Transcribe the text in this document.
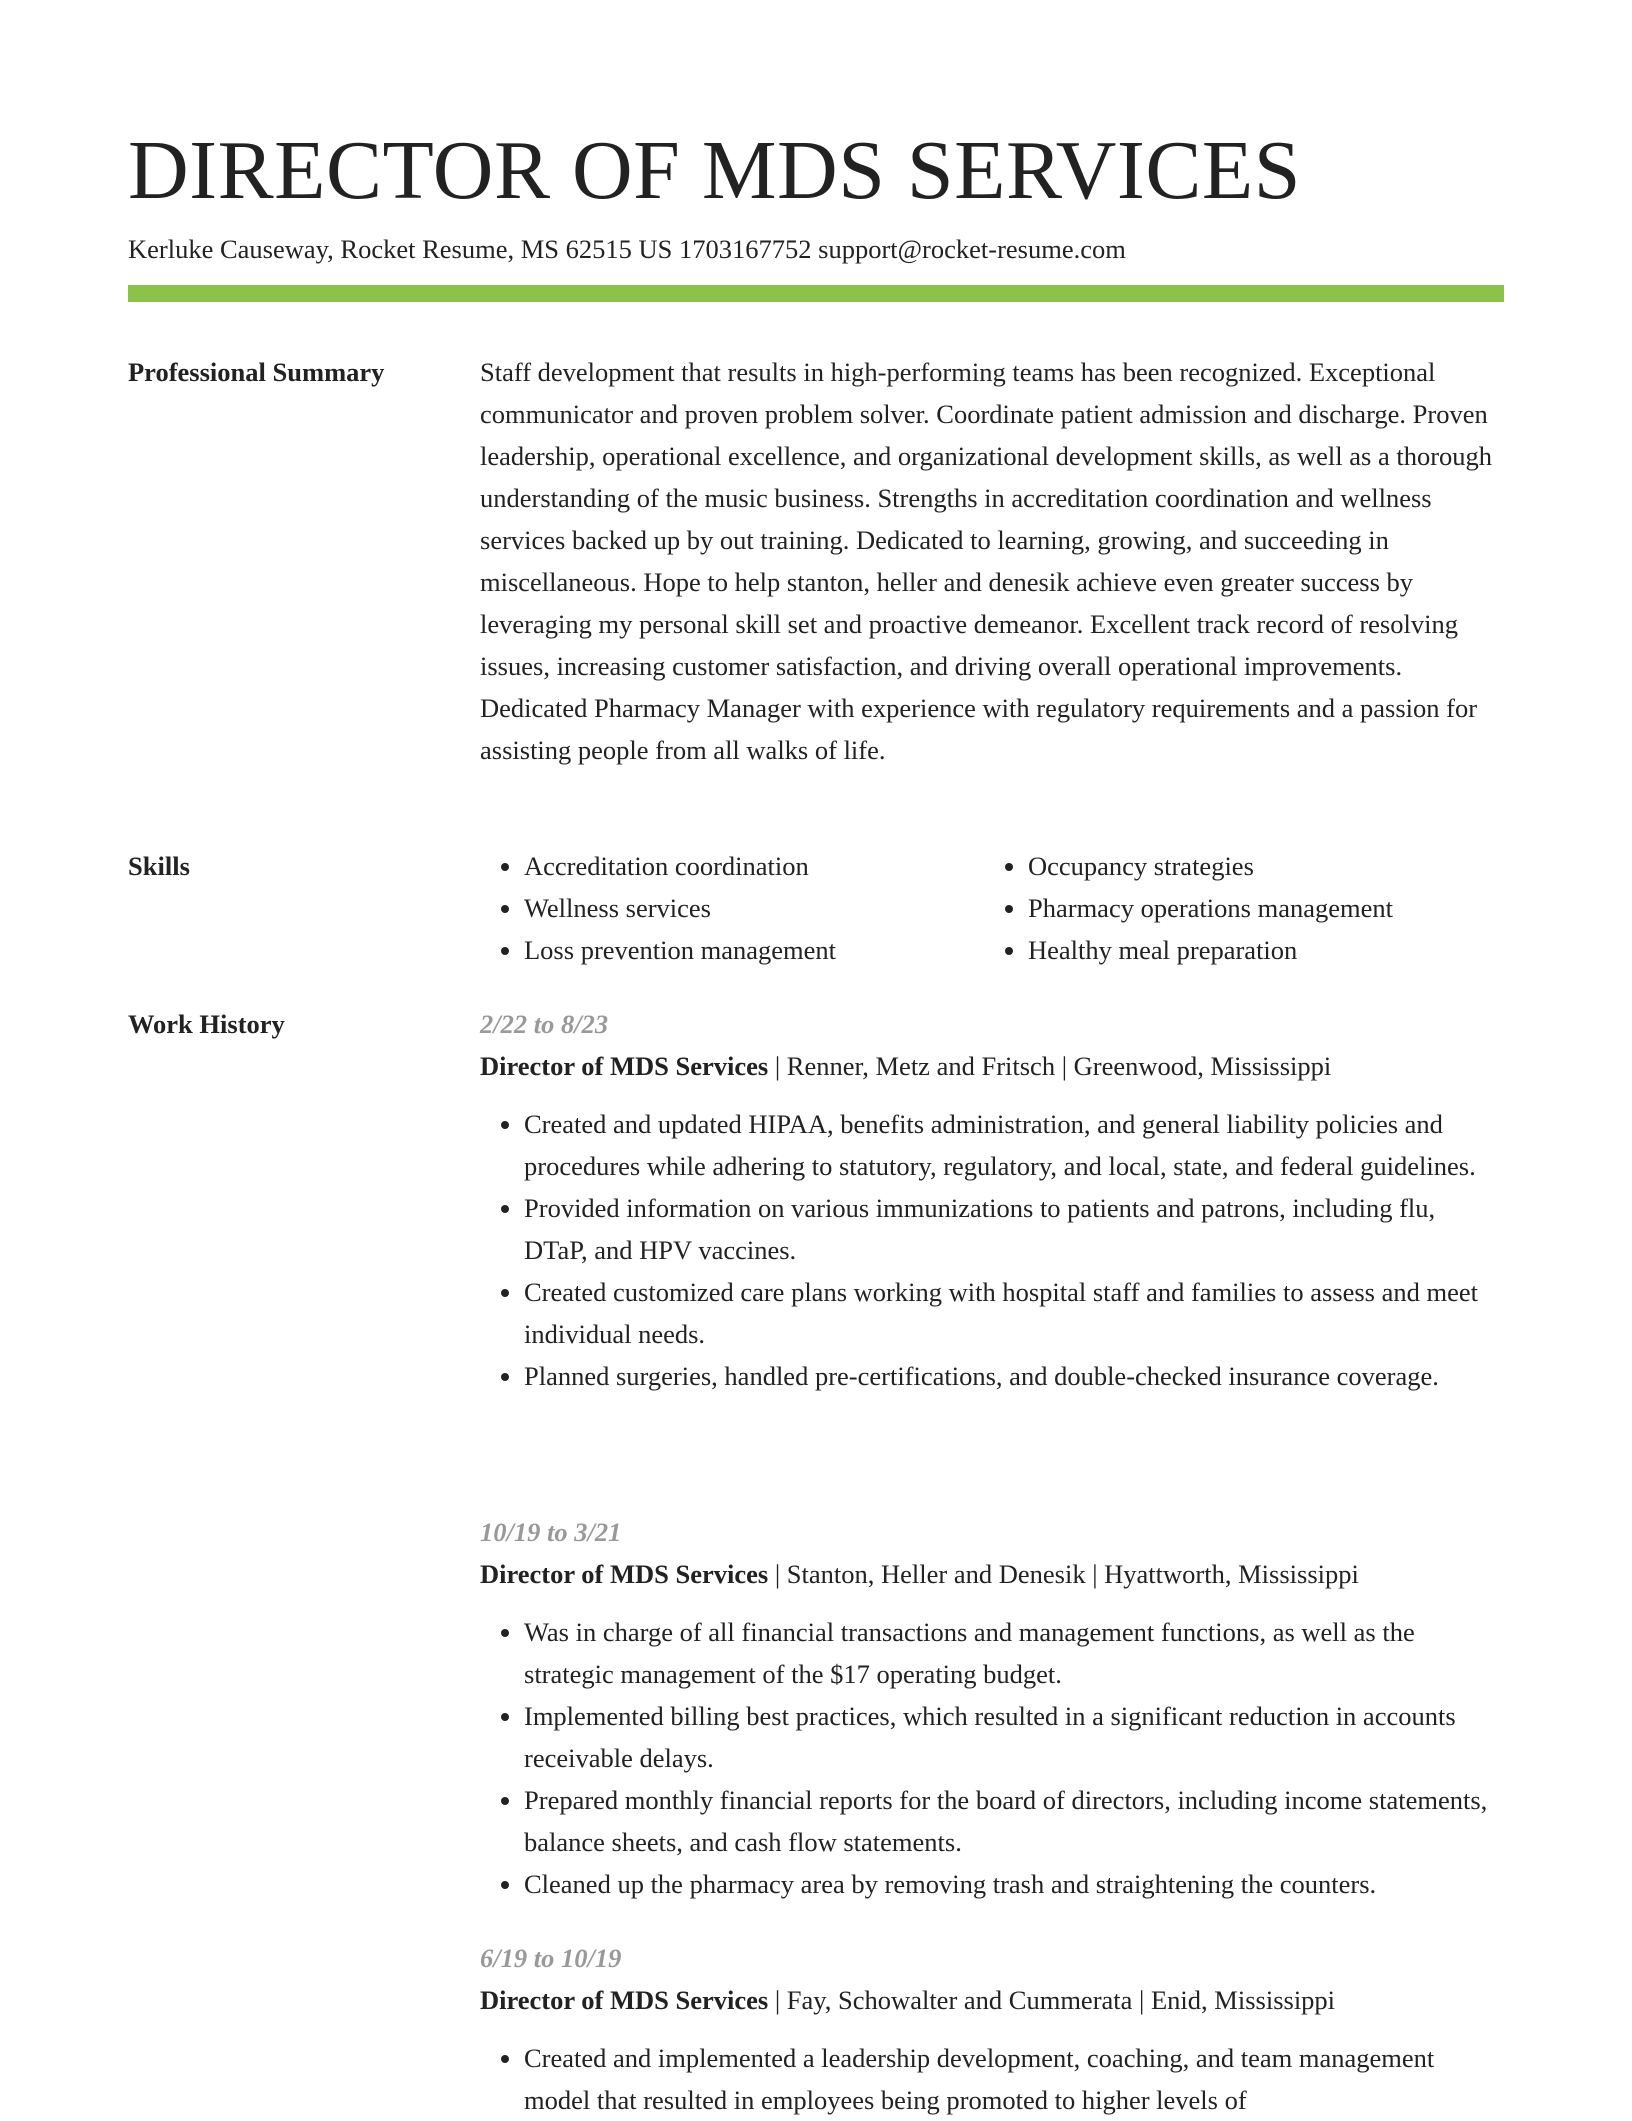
DIRECTOR OF MDS SERVICES
Kerluke Causeway, Rocket Resume, MS 62515 US 1703167752 support@rocket-resume.com
Professional Summary	Staff development that results in high-performing teams has been recognized. Exceptional communicator and proven problem solver. Coordinate patient admission and discharge. Proven leadership, operational excellence, and organizational development skills, as well as a thorough understanding of the music business. Strengths in accreditation coordination and wellness services backed up by out training. Dedicated to learning, growing, and succeeding in miscellaneous. Hope to help stanton, heller and denesik achieve even greater success by leveraging my personal skill set and proactive demeanor. Excellent track record of resolving issues, increasing customer satisfaction, and driving overall operational improvements. Dedicated Pharmacy Manager with experience with regulatory requirements and a passion for assisting people from all walks of life.

Skills
•	Accreditation coordination
• Wellness services
• Loss prevention management
• Occupancy strategies
• Pharmacy operations management
• Healthy meal preparation
Work History	2/22 to 8/23
Director of MDS Services | Renner, Metz and Fritsch | Greenwood, Mississippi
• Created and updated HIPAA, benefits administration, and general liability policies and procedures while adhering to statutory, regulatory, and local, state, and federal guidelines.
• Provided information on various immunizations to patients and patrons, including flu, DTaP, and HPV vaccines.
• Created customized care plans working with hospital staff and families to assess and meet individual needs.
• Planned surgeries, handled pre-certifications, and double-checked insurance coverage.
10/19 to 3/21
Director of MDS Services | Stanton, Heller and Denesik | Hyattworth, Mississippi
• Was in charge of all financial transactions and management functions, as well as the strategic management of the $17 operating budget.
• Implemented billing best practices, which resulted in a significant reduction in accounts receivable delays.
• Prepared monthly financial reports for the board of directors, including income statements, balance sheets, and cash flow statements.
• Cleaned up the pharmacy area by removing trash and straightening the counters.
6/19 to 10/19
Director of MDS Services | Fay, Schowalter and Cummerata | Enid, Mississippi
• Created and implemented a leadership development, coaching, and team management model that resulted in employees being promoted to higher levels of
